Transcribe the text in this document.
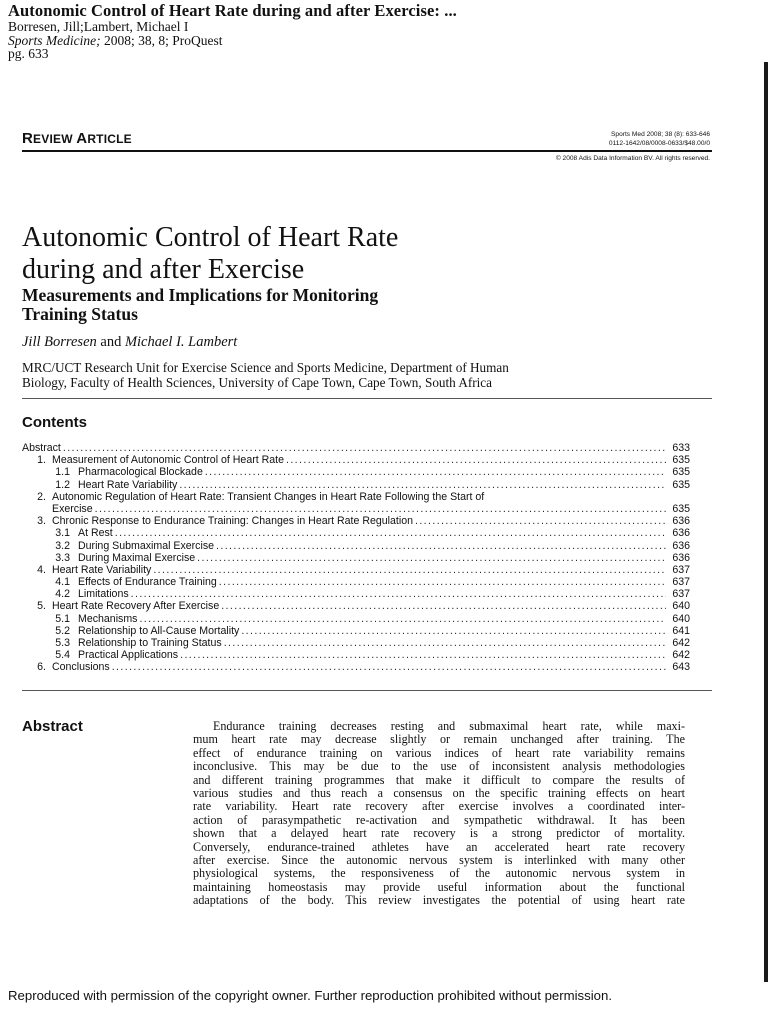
Autonomic Control of Heart Rate during and after Exercise: ...
Borresen, Jill;Lambert, Michael I
Sports Medicine; 2008; 38, 8; ProQuest
pg. 633
REVIEW ARTICLE	Sports Med 2008; 38 (8): 633-646
0112-1642/08/0008-0633/$48.00/0
© 2008 Adis Data Information BV. All rights reserved.
Autonomic Control of Heart Rate
during and after Exercise
Measurements and Implications for Monitoring
Training Status
Jill Borresen and Michael I. Lambert
MRC/UCT Research Unit for Exercise Science and Sports Medicine, Department of Human
Biology, Faculty of Health Sciences, University of Cape Town, Cape Town, South Africa
Contents
Abstract .....	633
1. Measurement of Autonomic Control of Heart Rate .....	635
1.1 Pharmacological Blockade .....	635
1.2 Heart Rate Variability .....	635
2. Autonomic Regulation of Heart Rate: Transient Changes in Heart Rate Following the Start of
Exercise .....	635
3. Chronic Response to Endurance Training: Changes in Heart Rate Regulation .....	636
3.1 At Rest .....	636
3.2 During Submaximal Exercise .....	636
3.3 During Maximal Exercise .....	636
4. Heart Rate Variability .....	637
4.1 Effects of Endurance Training .....	637
4.2 Limitations .....	637
5. Heart Rate Recovery After Exercise .....	640
5.1 Mechanisms .....	640
5.2 Relationship to All-Cause Mortality .....	641
5.3 Relationship to Training Status .....	642
5.4 Practical Applications .....	642
6. Conclusions .....	643
Abstract	Endurance training decreases resting and submaximal heart rate, while maxi-
mum heart rate may decrease slightly or remain unchanged after training. The
effect of endurance training on various indices of heart rate variability remains
inconclusive. This may be due to the use of inconsistent analysis methodologies
and different training programmes that make it difficult to compare the results of
various studies and thus reach a consensus on the specific training effects on heart
rate variability. Heart rate recovery after exercise involves a coordinated inter-
action of parasympathetic re-activation and sympathetic withdrawal. It has been
shown that a delayed heart rate recovery is a strong predictor of mortality.
Conversely, endurance-trained athletes have an accelerated heart rate recovery
after exercise. Since the autonomic nervous system is interlinked with many other
physiological systems, the responsiveness of the autonomic nervous system in
maintaining homeostasis may provide useful information about the functional
adaptations of the body. This review investigates the potential of using heart rate
Reproduced with permission of the copyright owner. Further reproduction prohibited without permission.
